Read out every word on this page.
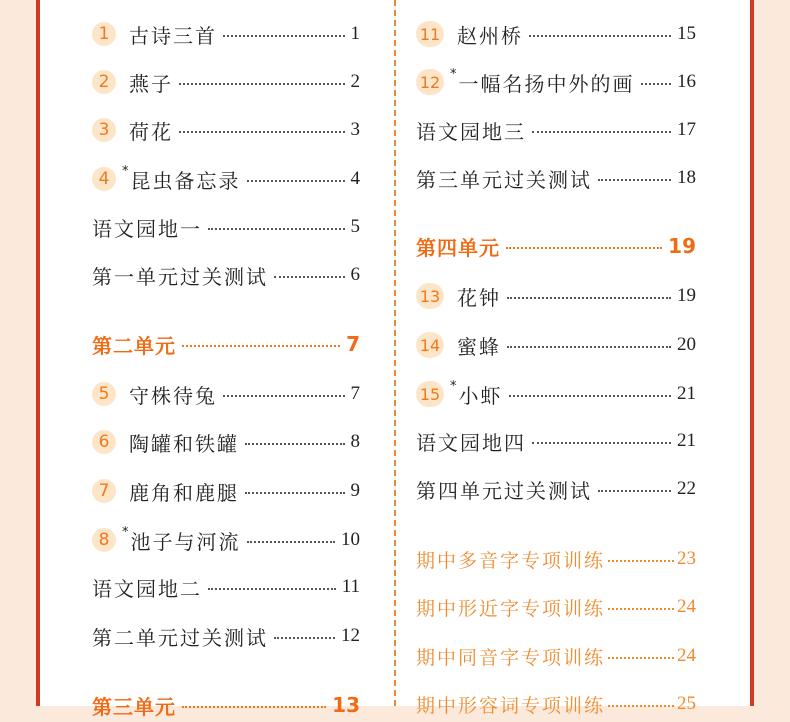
1 古诗三首	1
2 燕子	2
3 荷花	3
4 * 昆虫备忘录	4
语文园地一	5
第一单元过关测试	6
第二单元	7
5 守株待兔	7
6 陶罐和铁罐	8
7 鹿角和鹿腿	9
8 * 池子与河流	10
语文园地二	11
第二单元过关测试	12
第三单元	13
11 赵州桥	15
12 * 一幅名扬中外的画 16
语文园地三	17
第三单元过关测试	18
第四单元	19
13 花钟	19
14 蜜蜂	20
15 * 小虾	21
语文园地四	21
第四单元过关测试	22
期中多音字专项训练	23
期中形近字专项训练	24
期中同音字专项训练	24
期中形容词专项训练	25
